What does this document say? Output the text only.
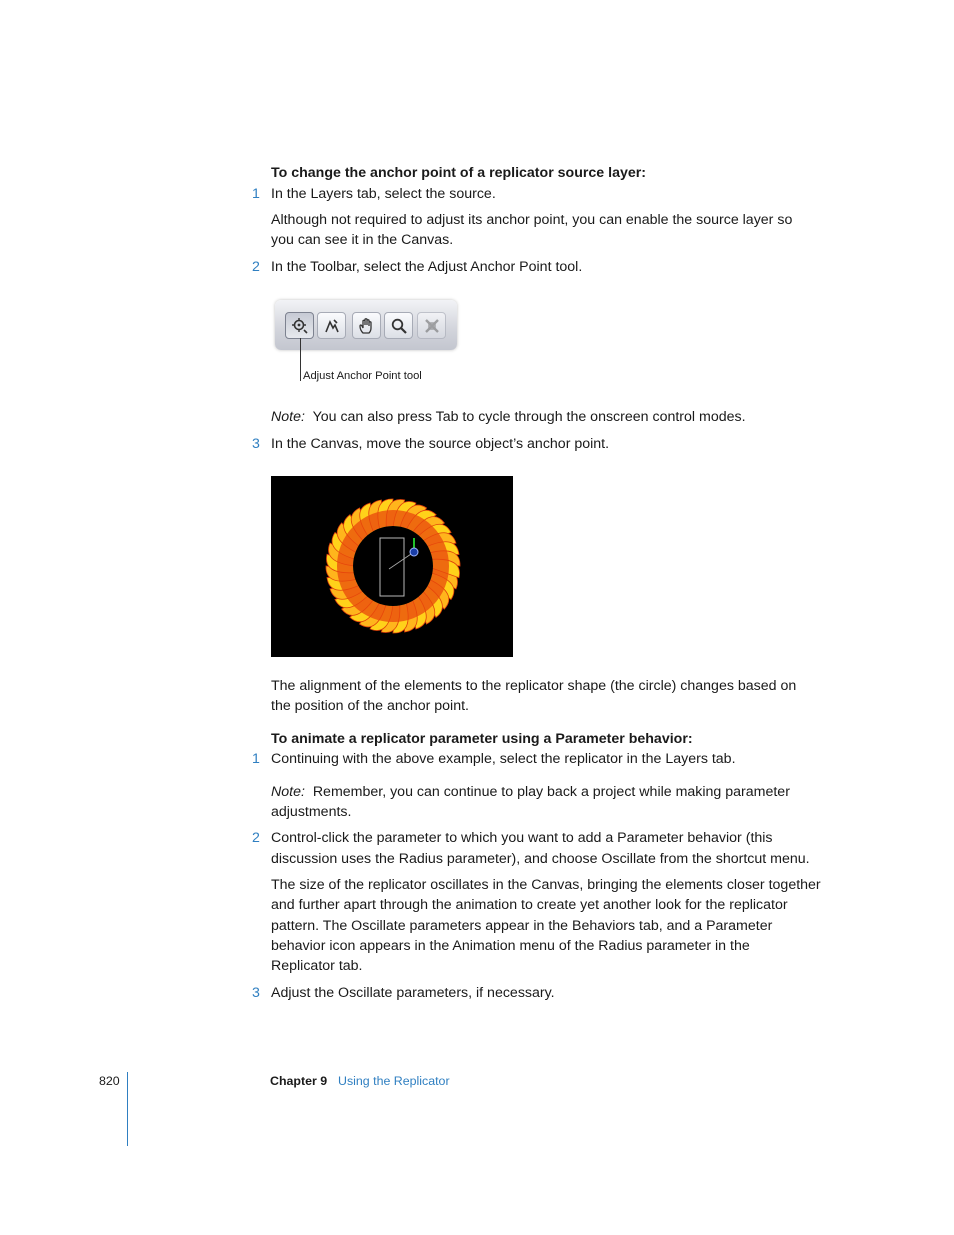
To change the anchor point of a replicator source layer:
1 In the Layers tab, select the source.
Although not required to adjust its anchor point, you can enable the source layer so
you can see it in the Canvas.
2 In the Toolbar, select the Adjust Anchor Point tool.
Adjust Anchor Point tool
Note: You can also press Tab to cycle through the onscreen control modes.
3 In the Canvas, move the source object’s anchor point.
The alignment of the elements to the replicator shape (the circle) changes based on
the position of the anchor point.
To animate a replicator parameter using a Parameter behavior:
1 Continuing with the above example, select the replicator in the Layers tab.
Note: Remember, you can continue to play back a project while making parameter
adjustments.
2 Control-click the parameter to which you want to add a Parameter behavior (this
discussion uses the Radius parameter), and choose Oscillate from the shortcut menu.
The size of the replicator oscillates in the Canvas, bringing the elements closer together
and further apart through the animation to create yet another look for the replicator
pattern. The Oscillate parameters appear in the Behaviors tab, and a Parameter
behavior icon appears in the Animation menu of the Radius parameter in the
Replicator tab.
3 Adjust the Oscillate parameters, if necessary.
820	Chapter 9 Using the Replicator
